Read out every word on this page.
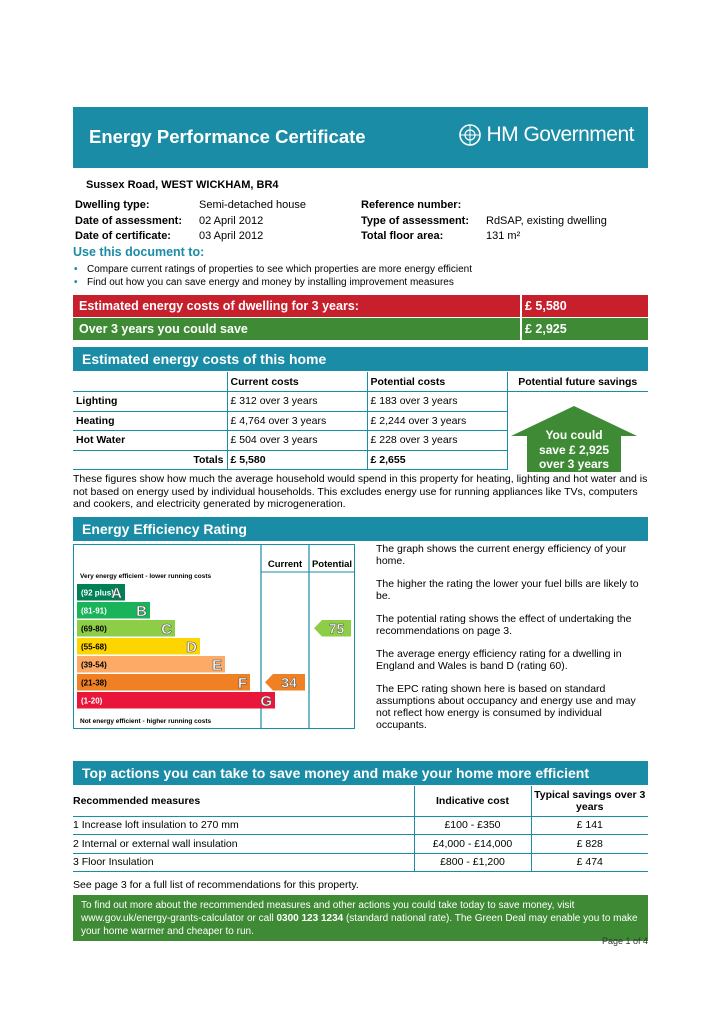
Energy Performance Certificate	HM Government
Sussex Road, WEST WICKHAM, BR4
Dwelling type:	Semi-detached house
Date of assessment: 02 April 2012
Date of certificate:	03 April 2012
Reference number:
Type of assessment: RdSAP, existing dwelling
Total floor area:	131 m²
Use this document to:
• Compare current ratings of properties to see which properties are more energy efficient
• Find out how you can save energy and money by installing improvement measures
Estimated energy costs of dwelling for 3 years:	£ 5,580
Over 3 years you could save	£ 2,925
Estimated energy costs of this home
	Current costs	Potential costs	Potential future savings
Lighting	£ 312 over 3 years	£ 183 over 3 years	
Heating	£ 4,764 over 3 years	£ 2,244 over 3 years	
Hot Water	£ 504 over 3 years	£ 228 over 3 years	
Totals	£ 5,580	£ 2,655	
You could
save £ 2,925
over 3 years
These figures show how much the average household would spend in this property for heating, lighting and hot water and is not based on energy used by individual households. This excludes energy use for running appliances like TVs, computers and cookers, and electricity generated by microgeneration.
Energy Efficiency Rating
Current Potential
Very energy efficient - lower running costs
Not energy efficient - higher running costs
(92 plus)
A
(81-91) B
(69-80)	C
(55-68)	D
(39-54)	E
(21-38)	F
(1-20)	G
34
75

The graph shows the current energy efficiency of your home.

The higher the rating the lower your fuel bills are likely to be.

The potential rating shows the effect of undertaking the recommendations on page 3.

The average energy efficiency rating for a dwelling in England and Wales is band D (rating 60).

The EPC rating shown here is based on standard assumptions about occupancy and energy use and may not reflect how energy is consumed by individual occupants.

Top actions you can take to save money and make your home more efficient
Recommended measures	Indicative cost	Typical savings over 3 years
1 Increase loft insulation to 270 mm	£100 - £350	£ 141
2 Internal or external wall insulation	£4,000 - £14,000	£ 828
3 Floor Insulation	£800 - £1,200	£ 474
See page 3 for a full list of recommendations for this property.
To find out more about the recommended measures and other actions you could take today to save money, visit www.gov.uk/energy-grants-calculator or call 0300 123 1234 (standard national rate). The Green Deal may enable you to make your home warmer and cheaper to run.
Page 1 of 4
